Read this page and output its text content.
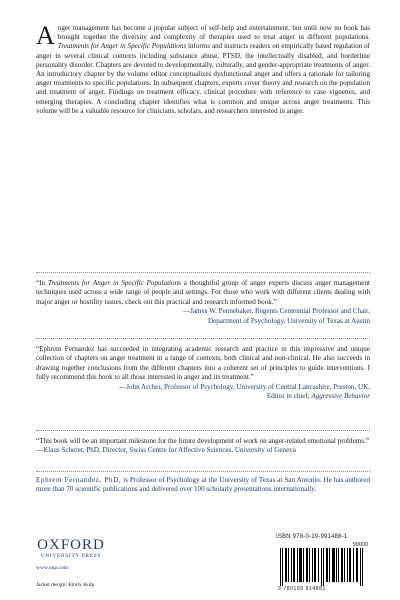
Anger management has become a popular subject of self-help and entertainment, but until now no book has brought together the diversity and complexity of therapies used to treat anger in different populations. Treatments for Anger in Specific Populations informs and instructs readers on empirically based regulation of anger in several clinical contexts including substance abuse, PTSD, the intellectually disabled, and borderline personality disorder. Chapters are devoted to developmentally, culturally, and gender-appropriate treatments of anger. An introductory chapter by the volume editor conceptualizes dysfunctional anger and offers a rationale for tailoring anger treatments to specific populations. In subsequent chapters, experts cover theory and research on the population and treatment of anger. Findings on treatment efficacy, clinical procedure with reference to case vignettes, and emerging therapies. A concluding chapter identifies what is common and unique across anger treatments. This volume will be a valuable resource for clinicians, scholars, and researchers interested in anger.
“In Treatments for Anger in Specific Populations a thoughtful group of anger experts discuss anger management techniques used across a wide range of people and settings. For those who work with different clients dealing with major anger or hostility issues, check out this practical and research informed book.”
—James W. Pennebaker, Regents Centennial Professor and Chair,
Department of Psychology, University of Texas at Austin
“Ephrem Fernandez has succeeded in integrating academic research and practice in this impressive and unique collection of chapters on anger treatment in a range of contexts, both clinical and non-clinical. He also succeeds in drawing together conclusions from the different chapters into a coherent set of principles to guide interventions. I fully recommend this book to all those interested in anger and its treatment.”
—John Archer, Professor of Psychology, University of Central Lancashire, Preston, UK,
Editor in chief, Aggressive Behavior
“This book will be an important milestone for the future development of work on anger-related emotional problems.”
—Klaus Scherer, PhD, Director, Swiss Centre for Affective Sciences, University of Geneva
Ephrem Fernandez, PhD, is Professor of Psychology at the University of Texas at San Antonio. He has authored more than 70 scientific publications and delivered over 100 scholarly presentations internationally.
OXFORD
UNIVERSITY PRESS
www.oup.com
Jacket design: Emily Kulp
ISBN 978-0-19-991488-1
90000
9 780199 914881
